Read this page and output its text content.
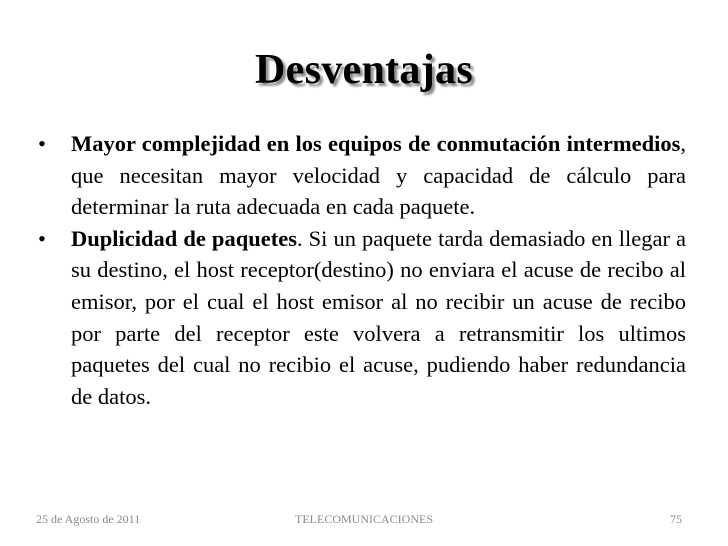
Desventajas
•	Mayor complejidad en los equipos de conmutación intermedios, que necesitan mayor velocidad y capacidad de cálculo para determinar la ruta adecuada en cada paquete.
•	Duplicidad de paquetes. Si un paquete tarda demasiado en llegar a su destino, el host receptor(destino) no enviara el acuse de recibo al emisor, por el cual el host emisor al no recibir un acuse de recibo por parte del receptor este volvera a retransmitir los ultimos paquetes del cual no recibio el acuse, pudiendo haber redundancia de datos.
25 de Agosto de 2011	TELECOMUNICACIONES	75
